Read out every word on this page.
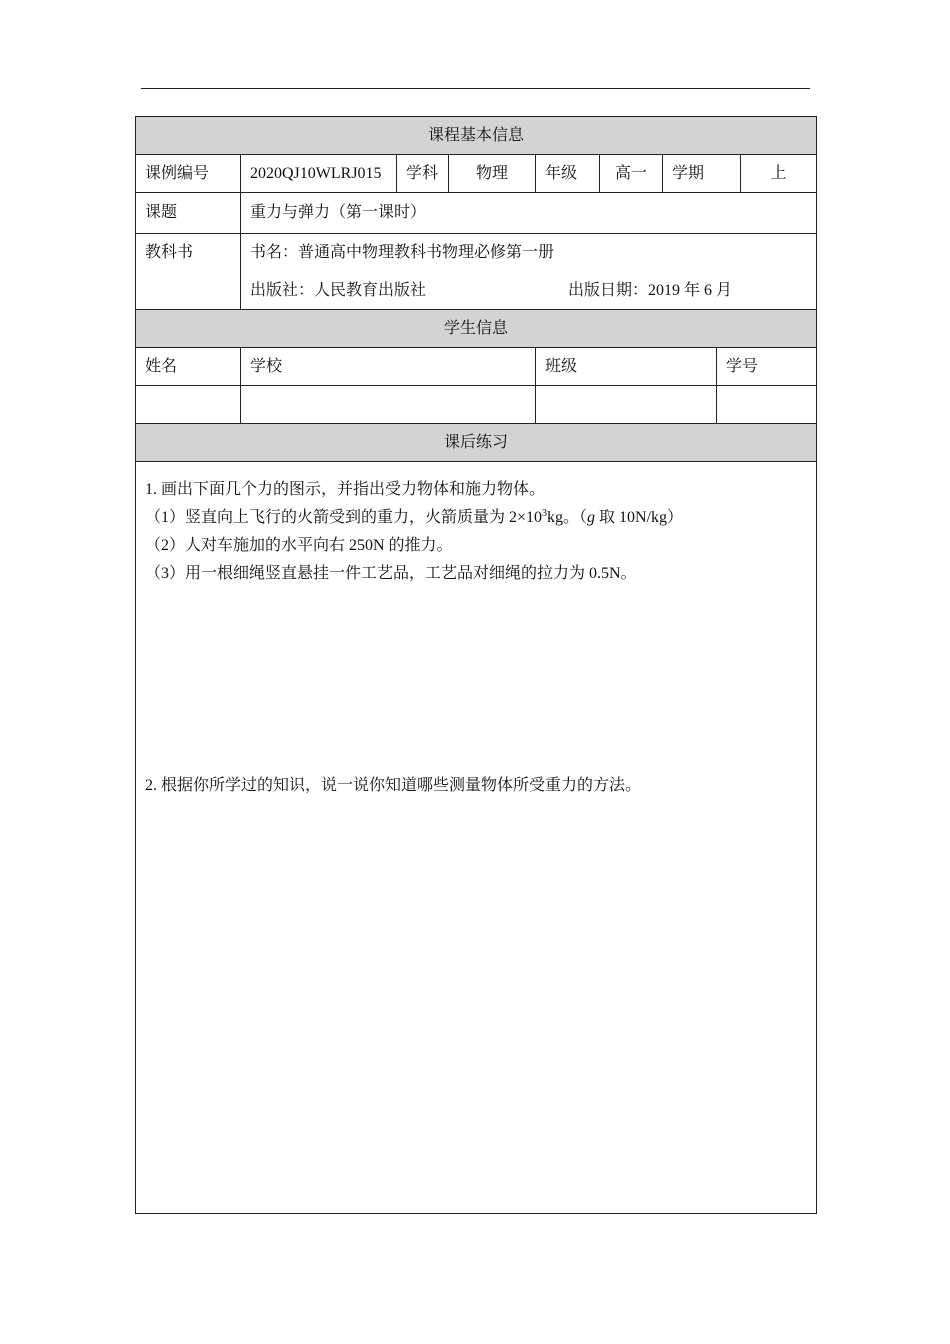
课程基本信息
课例编号	2020QJ10WLRJ015	学科	物理	年级	高一	学期	上
课题	重力与弹力（第一课时）
教科书	书名：普通高中物理教科书物理必修第一册
出版社：人民教育出版社	出版日期：2019 年 6 月
学生信息
姓名	学校	班级	学号
课后练习
1. 画出下面几个力的图示，并指出受力物体和施力物体。
（1）竖直向上飞行的火箭受到的重力，火箭质量为 $2\times 10^3kg$。（g 取 10N/kg）
（2）人对车施加的水平向右 250N 的推力。
（3）用一根细绳竖直悬挂一件工艺品，工艺品对细绳的拉力为 0.5N。
2. 根据你所学过的知识，说一说你知道哪些测量物体所受重力的方法。
